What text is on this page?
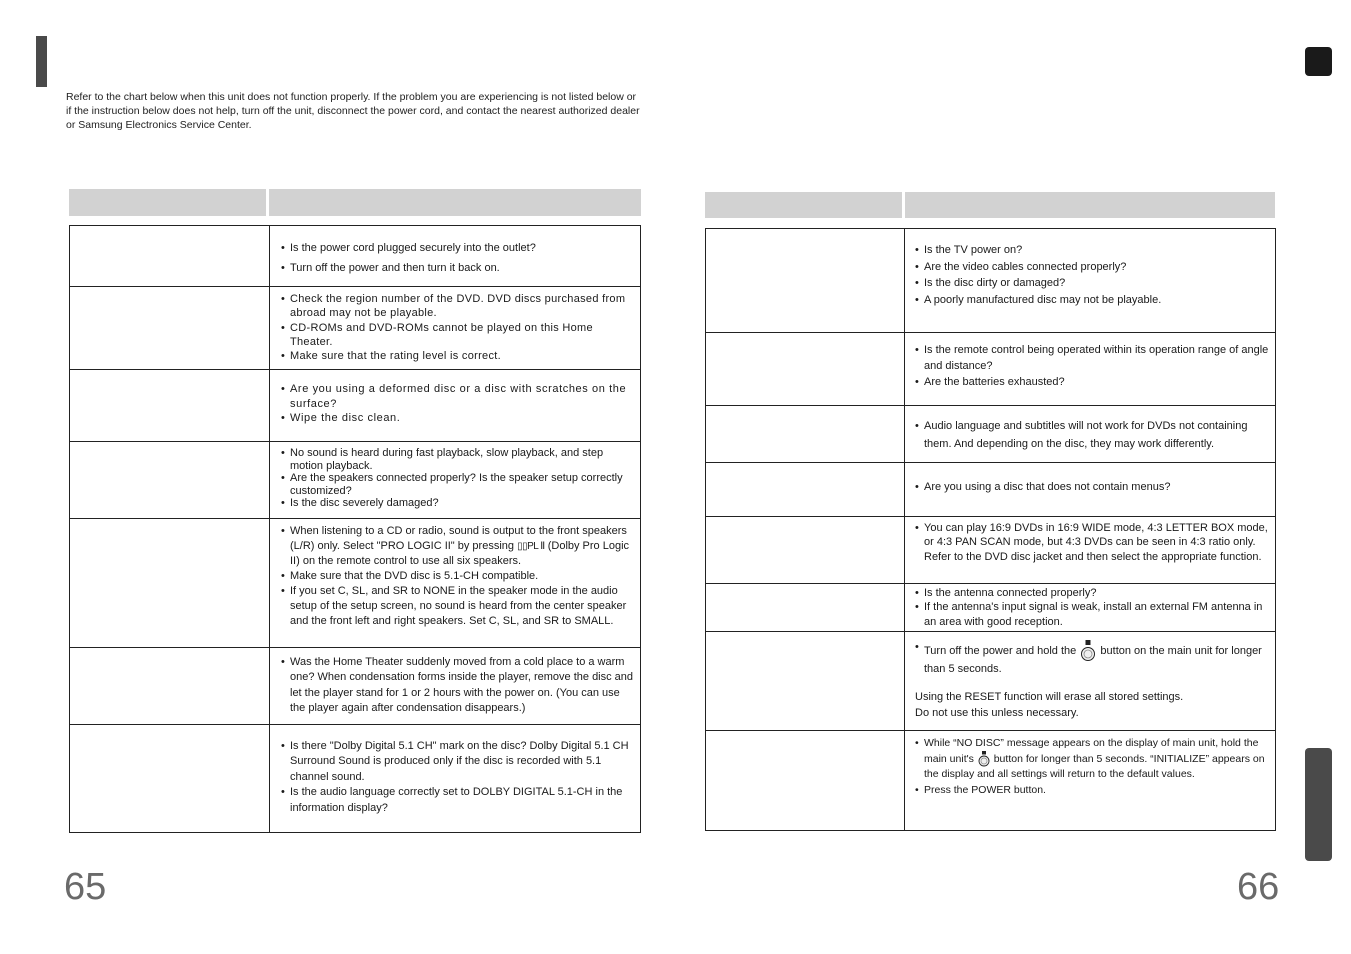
Refer to the chart below when this unit does not function properly. If the problem you are experiencing is not listed below or if the instruction below does not help, turn off the unit, disconnect the power cord, and contact the nearest authorized dealer or Samsung Electronics Service Center.
• Is the power cord plugged securely into the outlet?
• Turn off the power and then turn it back on.
• Check the region number of the DVD. DVD discs purchased from abroad may not be playable.
• CD-ROMs and DVD-ROMs cannot be played on this Home Theater.
• Make sure that the rating level is correct.
• Are you using a deformed disc or a disc with scratches on the surface?
• Wipe the disc clean.
• No sound is heard during fast playback, slow playback, and step motion playback.
• Are the speakers connected properly? Is the speaker setup correctly customized?
• Is the disc severely damaged?
• When listening to a CD or radio, sound is output to the front speakers (L/R) only. Select "PRO LOGIC II" by pressing ▯▯PL Ⅱ (Dolby Pro Logic II) on the remote control to use all six speakers.
• Make sure that the DVD disc is 5.1-CH compatible.
• If you set C, SL, and SR to NONE in the speaker mode in the audio setup of the setup screen, no sound is heard from the center speaker and the front left and right speakers. Set C, SL, and SR to SMALL.
• Was the Home Theater suddenly moved from a cold place to a warm one? When condensation forms inside the player, remove the disc and let the player stand for 1 or 2 hours with the power on. (You can use the player again after condensation disappears.)
• Is there "Dolby Digital 5.1 CH" mark on the disc? Dolby Digital 5.1 CH Surround Sound is produced only if the disc is recorded with 5.1 channel sound.
• Is the audio language correctly set to DOLBY DIGITAL 5.1-CH in the information display?
65
• Is the TV power on?
• Are the video cables connected properly?
• Is the disc dirty or damaged?
• A poorly manufactured disc may not be playable.
• Is the remote control being operated within its operation range of angle and distance?
• Are the batteries exhausted?
• Audio language and subtitles will not work for DVDs not containing them. And depending on the disc, they may work differently.
• Are you using a disc that does not contain menus?
• You can play 16:9 DVDs in 16:9 WIDE mode, 4:3 LETTER BOX mode, or 4:3 PAN SCAN mode, but 4:3 DVDs can be seen in 4:3 ratio only. Refer to the DVD disc jacket and then select the appropriate function.
• Is the antenna connected properly?
• If the antenna's input signal is weak, install an external FM antenna in an area with good reception.
• Turn off the power and hold the button on the main unit for longer than 5 seconds.

Using the RESET function will erase all stored settings.

Do not use this unless necessary.

• While “NO DISC” message appears on the display of main unit, hold the main unit's button for longer than 5 seconds. “INITIALIZE” appears on the display and all settings will return to the default values.
• Press the POWER button.
66
